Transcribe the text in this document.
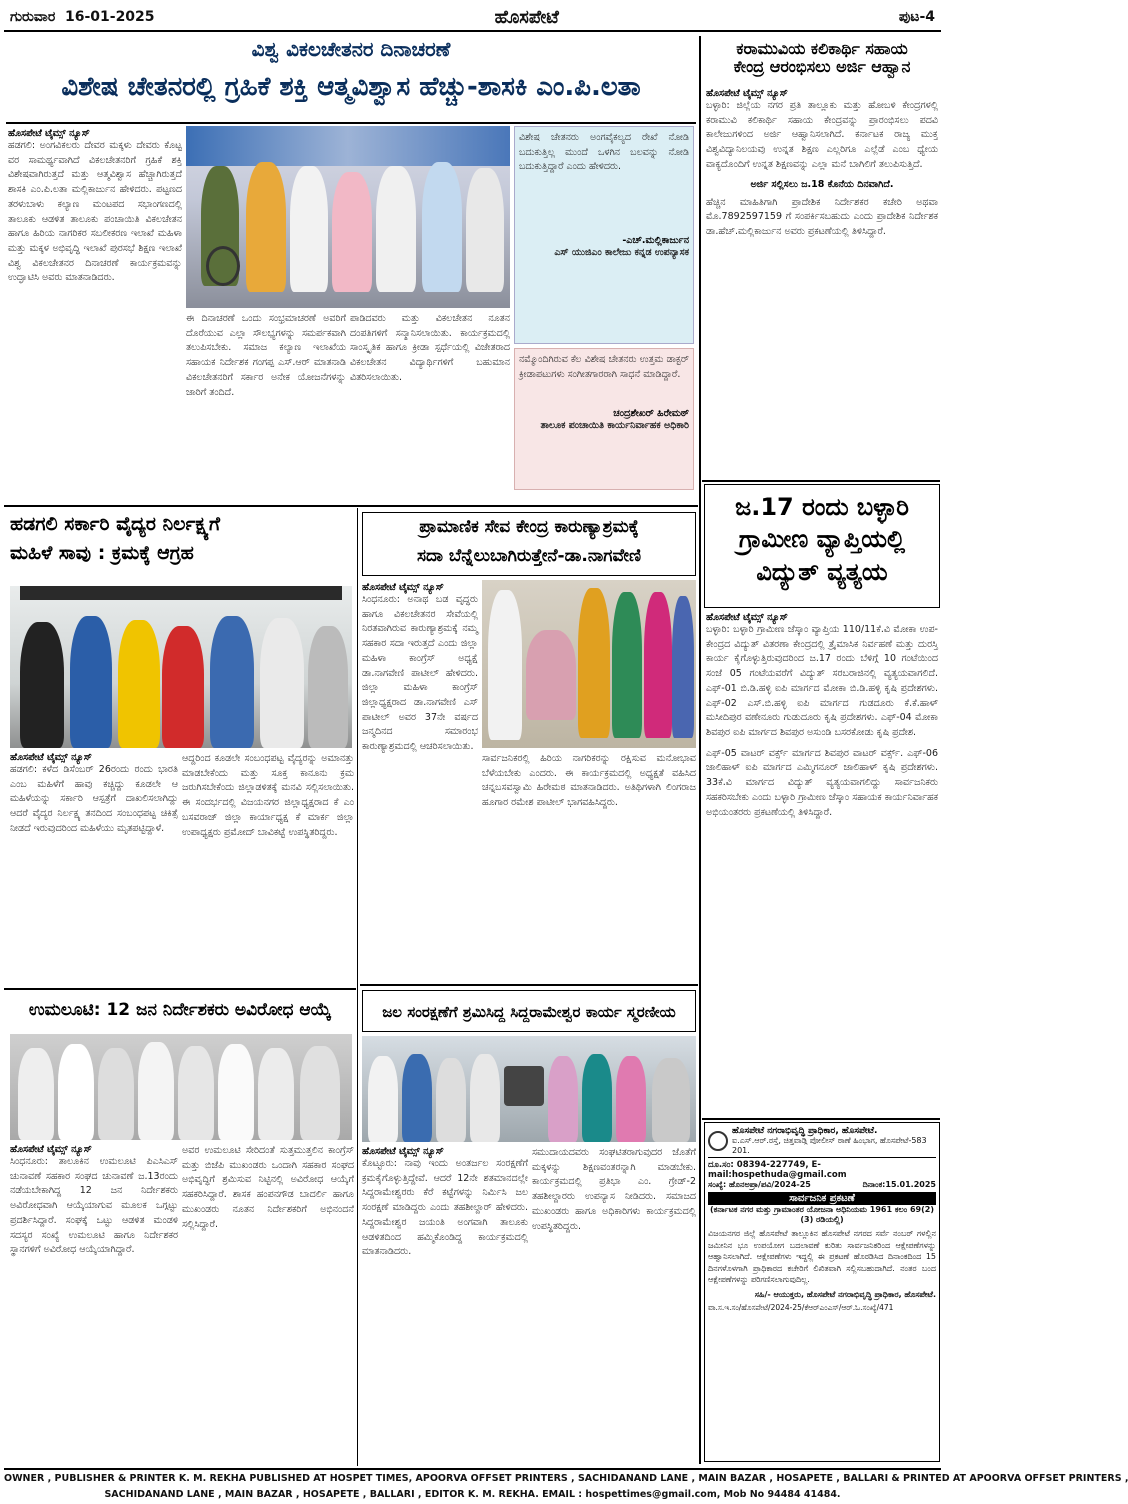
ಗುರುವಾರ 16-01-2025	ಹೊಸಪೇಟೆ	ಪುಟ-4
ವಿಶ್ವ ವಿಕಲಚೇತನರ ದಿನಾಚರಣೆ
ವಿಶೇಷ ಚೇತನರಲ್ಲಿ ಗ್ರಹಿಕೆ ಶಕ್ತಿ ಆತ್ಮವಿಶ್ವಾಸ ಹೆಚ್ಚು-ಶಾಸಕಿ ಎಂ.ಪಿ.ಲತಾ
ಹೊಸಪೇಟೆ ಟೈಮ್ಸ್ ನ್ಯೂಸ್
ಹಡಗಲಿ: ಅಂಗವಿಕಲರು ದೇವರ ಮಕ್ಕಳು ದೇವರು ಕೊಟ್ಟ ವರ ಸಾಮರ್ಥ್ಯವಾಗಿದೆ ವಿಕಲಚೇತನರಿಗೆ ಗ್ರಹಿಕೆ ಶಕ್ತಿ ವಿಶೇಷವಾಗಿರುತ್ತದೆ ಮತ್ತು ಆತ್ಮವಿಶ್ವಾಸ ಹೆಚ್ಚಾಗಿರುತ್ತದೆ ಶಾಸಕಿ ಎಂ.ಪಿ.ಲತಾ ಮಲ್ಲಿಕಾರ್ಜುನ ಹೇಳಿದರು. ಪಟ್ಟಣದ ತರಳುಬಾಳು ಕಲ್ಯಾಣ ಮಂಟಪದ ಸಭಾಂಗಣದಲ್ಲಿ ತಾಲೂಕು ಆಡಳಿತ ತಾಲೂಕು ಪಂಚಾಯಿತಿ ವಿಕಲಚೇತನ ಹಾಗೂ ಹಿರಿಯ ನಾಗರಿಕರ ಸಬಲೀಕರಣ ಇಲಾಖೆ ಮಹಿಳಾ ಮತ್ತು ಮಕ್ಕಳ ಅಭಿವೃದ್ಧಿ ಇಲಾಖೆ ಪುರಸಭೆ ಶಿಕ್ಷಣ ಇಲಾಖೆ ವಿಶ್ವ ವಿಕಲಚೇತನರ ದಿನಾಚರಣೆ ಕಾರ್ಯಕ್ರಮವನ್ನು ಉದ್ಘಾಟಿಸಿ ಅವರು ಮಾತನಾಡಿದರು.
ಈ ದಿನಾಚರಣೆ ಒಂದು ಸಂಭ್ರಮಾಚರಣೆ ಅವರಿಗೆ ದೊರೆಯುವ ಎಲ್ಲಾ ಸೌಲಭ್ಯಗಳನ್ನು ಸಮರ್ಪಕವಾಗಿ ತಲುಪಿಸಬೇಕು. ಸಮಾಜ ಕಲ್ಯಾಣ ಇಲಾಖೆಯ ಸಹಾಯಕ ನಿರ್ದೇಶಕ ಗಂಗಪ್ಪ ಎಸ್.ಆರ್ ಮಾತನಾಡಿ ವಿಕಲಚೇತನರಿಗೆ ಸರ್ಕಾರ ಅನೇಕ ಯೋಜನೆಗಳನ್ನು ಜಾರಿಗೆ ತಂದಿದೆ.
ಪಾಡಿದವರು ಮತ್ತು ವಿಕಲಚೇತನ ನೂತನ ದಂಪತಿಗಳಿಗೆ ಸನ್ಮಾನಿಸಲಾಯಿತು. ಕಾರ್ಯಕ್ರಮದಲ್ಲಿ ಸಾಂಸ್ಕೃತಿಕ ಹಾಗೂ ಕ್ರೀಡಾ ಸ್ಪರ್ಧೆಯಲ್ಲಿ ವಿಜೇತರಾದ ವಿಕಲಚೇತನ ವಿದ್ಯಾರ್ಥಿಗಳಿಗೆ ಬಹುಮಾನ ವಿತರಿಸಲಾಯಿತು.
ವಿಶೇಷ ಚೇತನರು ಅಂಗವೈಕಲ್ಯದ ರೇಖೆ ನೋಡಿ ಬದುಕುತ್ತಿಲ್ಲ ಮುಂದೆ ಒಳಗಿನ ಬಲವನ್ನು ನೋಡಿ ಬದುಕುತ್ತಿದ್ದಾರೆ ಎಂದು ಹೇಳಿದರು.
-ಎಚ್.ಮಲ್ಲಿಕಾರ್ಜುನ
ಎಸ್ ಯುಜಿಎಂ ಕಾಲೇಜು ಕನ್ನಡ ಉಪನ್ಯಾಸಕ
ನಮ್ಮೊಂದಿಗಿರುವ ಕೆಲ ವಿಶೇಷ ಚೇತನರು ಉತ್ತಮ ಡಾಕ್ಟರ್ ಕ್ರೀಡಾಪಟುಗಳು ಸಂಗೀತಗಾರರಾಗಿ ಸಾಧನೆ ಮಾಡಿದ್ದಾರೆ.
ಚಂದ್ರಶೇಖರ್ ಹಿರೇಮಠ್
ತಾಲೂಕ ಪಂಚಾಯಿತಿ ಕಾರ್ಯನಿರ್ವಾಹಕ ಅಧಿಕಾರಿ
ಕರಾಮುವಿಯ ಕಲಿಕಾರ್ಥಿ ಸಹಾಯ
ಕೇಂದ್ರ ಆರಂಭಿಸಲು ಅರ್ಜಿ ಆಹ್ವಾನ
ಹೊಸಪೇಟೆ ಟೈಮ್ಸ್ ನ್ಯೂಸ್
ಬಳ್ಳಾರಿ: ಜಿಲ್ಲೆಯ ನಗರ ಪ್ರತಿ ತಾಲ್ಲೂಕು ಮತ್ತು ಹೋಬಳಿ ಕೇಂದ್ರಗಳಲ್ಲಿ ಕರಾಮುವಿ ಕಲಿಕಾರ್ಥಿ ಸಹಾಯ ಕೇಂದ್ರವನ್ನು ಪ್ರಾರಂಭಿಸಲು ಪದವಿ ಕಾಲೇಜುಗಳಿಂದ ಅರ್ಜಿ ಆಹ್ವಾನಿಸಲಾಗಿದೆ. ಕರ್ನಾಟಕ ರಾಜ್ಯ ಮುಕ್ತ ವಿಶ್ವವಿದ್ಯಾನಿಲಯವು ಉನ್ನತ ಶಿಕ್ಷಣ ಎಲ್ಲರಿಗೂ ಎಲ್ಲೆಡೆ ಎಂಬ ಧ್ಯೇಯ ವಾಕ್ಯದೊಂದಿಗೆ ಉನ್ನತ ಶಿಕ್ಷಣವನ್ನು ಎಲ್ಲಾ ಮನೆ ಬಾಗಿಲಿಗೆ ತಲುಪಿಸುತ್ತಿದೆ.
ಅರ್ಜಿ ಸಲ್ಲಿಸಲು ಜ.18 ಕೊನೆಯ ದಿನವಾಗಿದೆ.
ಹೆಚ್ಚಿನ ಮಾಹಿತಿಗಾಗಿ ಪ್ರಾದೇಶಿಕ ನಿರ್ದೇಶಕರ ಕಚೇರಿ ಅಥವಾ ಮೊ.7892597159 ಗೆ ಸಂಪರ್ಕಿಸಬಹುದು ಎಂದು ಪ್ರಾದೇಶಿಕ ನಿರ್ದೇಶಕ ಡಾ.ಹೆಚ್.ಮಲ್ಲಿಕಾರ್ಜುನ ಅವರು ಪ್ರಕಟಣೆಯಲ್ಲಿ ತಿಳಿಸಿದ್ದಾರೆ.
ಜ.17 ರಂದು ಬಳ್ಳಾರಿ
ಗ್ರಾಮೀಣ ವ್ಯಾಪ್ತಿಯಲ್ಲಿ
ವಿದ್ಯುತ್ ವ್ಯತ್ಯಯ
ಹೊಸಪೇಟೆ ಟೈಮ್ಸ್ ನ್ಯೂಸ್
ಬಳ್ಳಾರಿ: ಬಳ್ಳಾರಿ ಗ್ರಾಮೀಣ ಜೆಸ್ಕಾಂ ವ್ಯಾಪ್ತಿಯ 110/11ಕೆ.ವಿ ಮೋಕಾ ಉಪ-ಕೇಂದ್ರದ ವಿದ್ಯುತ್ ವಿತರಣಾ ಕೇಂದ್ರದಲ್ಲಿ ತ್ರೈಮಾಸಿಕ ನಿರ್ವಹಣೆ ಮತ್ತು ದುರಸ್ತಿ ಕಾರ್ಯ ಕೈಗೊಳ್ಳುತ್ತಿರುವುದರಿಂದ ಜ.17 ರಂದು ಬೆಳಿಗ್ಗೆ 10 ಗಂಟೆಯಿಂದ ಸಂಜೆ 05 ಗಂಟೆಯವರೆಗೆ ವಿದ್ಯುತ್ ಸರಬರಾಜಿನಲ್ಲಿ ವ್ಯತ್ಯಯವಾಗಲಿದೆ. ಎಫ್-01 ಬಿ.ಡಿ.ಹಳ್ಳಿ ಐಪಿ ಮಾರ್ಗದ ಮೋಕಾ ಬಿ.ಡಿ.ಹಳ್ಳಿ ಕೃಷಿ ಪ್ರದೇಶಗಳು. ಎಫ್-02 ಎಸ್.ಬಿ.ಹಳ್ಳಿ ಐಪಿ ಮಾರ್ಗದ ಗುಡದೂರು ಕೆ.ಕೆ.ಹಾಳ್ ಮಸೀದಿಪುರ ವಣೇನೂರು ಗುಡುದೂರು ಕೃಷಿ ಪ್ರದೇಶಗಳು. ಎಫ್-04 ಮೋಕಾ ಶಿವಪುರ ಐಪಿ ಮಾರ್ಗದ ಶಿವಪುರ ಅಸುಂಡಿ ಬಸರಕೋಡು ಕೃಷಿ ಪ್ರದೇಶ.
ಎಫ್-05 ವಾಟರ್ ವರ್ಕ್ಸ್ ಮಾರ್ಗದ ಶಿವಪುರ ವಾಟರ್ ವರ್ಕ್ಸ್. ಎಫ್-06 ಜಾಲಿಹಾಳ್ ಐಪಿ ಮಾರ್ಗದ ಎಮ್ಮಿಗನೂರ್ ಜಾಲಿಹಾಳ್ ಕೃಷಿ ಪ್ರದೇಶಗಳು. 33ಕೆ.ವಿ ಮಾರ್ಗದ ವಿದ್ಯುತ್ ವ್ಯತ್ಯಯವಾಗಲಿದ್ದು ಸಾರ್ವಜನಿಕರು ಸಹಕರಿಸಬೇಕು ಎಂದು ಬಳ್ಳಾರಿ ಗ್ರಾಮೀಣ ಜೆಸ್ಕಾಂ ಸಹಾಯಕ ಕಾರ್ಯನಿರ್ವಾಹಕ ಅಭಿಯಂತರರು ಪ್ರಕಟಣೆಯಲ್ಲಿ ತಿಳಿಸಿದ್ದಾರೆ.
ಹೊಸಪೇಟೆ ನಗರಾಭಿವೃದ್ಧಿ ಪ್ರಾಧಿಕಾರ, ಹೊಸಪೇಟೆ.
ಐ.ಎಸ್.ಆರ್.ರಸ್ತೆ, ಚಿತ್ತವಾಡ್ಗಿ ಪೋಲೀಸ್‌ ಠಾಣೆ ಹಿಂಭಾಗ, ಹೊಸಪೇಟೆ-583 201.
ದೂ.ಸಂ: 08394-227749, E-mail:hospethuda@gmail.com
ಸಂಖ್ಯೆ: ಹೊನಅಪ್ರಾ/ಪವಿ/2024-25	ದಿನಾಂಕ:15.01.2025
ಸಾರ್ವಜನಿಕ ಪ್ರಕಟಣೆ
(ಕರ್ನಾಟಕ ನಗರ ಮತ್ತು ಗ್ರಾಮಾಂತರ ಯೋಜನಾ ಅಧಿನಿಯಮ 1961 ಕಲಂ 69(2)(3) ರಡಿಯಲ್ಲಿ)
ವಿಜಯನಗರ ಜಿಲ್ಲೆ ಹೊಸಪೇಟೆ ತಾಲ್ಲೂಕಿನ ಹೊಸಪೇಟೆ ನಗರದ ಸರ್ವೆ ನಂಬರ್ ಗಳಲ್ಲಿನ ಜಮೀನಿನ ಭೂ ಉಪಯೋಗ ಬದಲಾವಣೆ ಕುರಿತು ಸಾರ್ವಜನಿಕರಿಂದ ಆಕ್ಷೇಪಣೆಗಳನ್ನು ಆಹ್ವಾನಿಸಲಾಗಿದೆ. ಆಕ್ಷೇಪಣೆಗಳು ಇದ್ದಲ್ಲಿ ಈ ಪ್ರಕಟಣೆ ಹೊರಡಿಸಿದ ದಿನಾಂಕದಿಂದ 15 ದಿನಗಳೊಳಗಾಗಿ ಪ್ರಾಧಿಕಾರದ ಕಚೇರಿಗೆ ಲಿಖಿತವಾಗಿ ಸಲ್ಲಿಸಬಹುದಾಗಿದೆ. ನಂತರ ಬಂದ ಆಕ್ಷೇಪಣೆಗಳನ್ನು ಪರಿಗಣಿಸಲಾಗುವುದಿಲ್ಲ.
ಸಹಿ/- ಆಯುಕ್ತರು, ಹೊಸಪೇಟೆ ನಗರಾಭಿವೃದ್ಧಿ ಪ್ರಾಧಿಕಾರ, ಹೊಸಪೇಟೆ.
ವಾ.ಸ.ಇ.ಸಂ/ಹೊಸಪೇಟೆ/2024-25/ಕೆಆರ್‌ಎಂಎಸ್/ಆರ್.ಓ.ಸಂಖ್ಯೆ/471
ಹಡಗಲಿ ಸರ್ಕಾರಿ ವೈದ್ಯರ ನಿರ್ಲಕ್ಷ್ಯಗೆ
ಮಹಿಳೆ ಸಾವು : ಕ್ರಮಕ್ಕೆ ಆಗ್ರಹ
ಹೊಸಪೇಟೆ ಟೈಮ್ಸ್ ನ್ಯೂಸ್
ಹಡಗಲಿ: ಕಳೆದ ಡಿಸೆಂಬರ್ 26ರಂದು ರಂದು ಭಾರತಿ ಎಂಬ ಮಹಿಳೆಗೆ ಹಾವು ಕಚ್ಚಿದ್ದು ಕೂಡಲೇ ಆ ಮಹಿಳೆಯನ್ನು ಸರ್ಕಾರಿ ಆಸ್ಪತ್ರೆಗೆ ದಾಖಲಿಸಲಾಗಿದ್ದು ಆದರೆ ವೈದ್ಯರ ನಿರ್ಲಕ್ಷ್ಯ ತನದಿಂದ ಸಂಬಂಧಪಟ್ಟ ಚಿಕಿತ್ಸೆ ನೀಡದೆ ಇರುವುದರಿಂದ ಮಹಿಳೆಯು ಮೃತಪಟ್ಟಿದ್ದಾಳೆ.
ಆದ್ದರಿಂದ ಕೂಡಲೇ ಸಂಬಂಧಪಟ್ಟ ವೈದ್ಯರನ್ನು ಅಮಾನತ್ತು ಮಾಡಬೇಕೆಂದು ಮತ್ತು ಸೂಕ್ತ ಕಾನೂನು ಕ್ರಮ ಜರುಗಿಸಬೇಕೆಂದು ಜಿಲ್ಲಾಡಳಿತಕ್ಕೆ ಮನವಿ ಸಲ್ಲಿಸಲಾಯಿತು. ಈ ಸಂದರ್ಭದಲ್ಲಿ ವಿಜಯನಗರ ಜಿಲ್ಲಾಧ್ಯಕ್ಷರಾದ ಕೆ ಎಂ ಬಸವರಾಜ್ ಜಿಲ್ಲಾ ಕಾರ್ಯಾಧ್ಯಕ್ಷ ಕೆ ಮಾರ್ಕ ಜಿಲ್ಲಾ ಉಪಾಧ್ಯಕ್ಷರು ಪ್ರಮೋದ್ ಬಾವಿಕಟ್ಟೆ ಉಪಸ್ಥಿತರಿದ್ದರು.
ಪ್ರಾಮಾಣಿಕ ಸೇವ ಕೇಂದ್ರ ಕಾರುಣ್ಯಾಶ್ರಮಕ್ಕೆ
ಸದಾ ಬೆನ್ನೆಲುಬಾಗಿರುತ್ತೇನೆ-ಡಾ.ನಾಗವೇಣಿ
ಹೊಸಪೇಟೆ ಟೈಮ್ಸ್ ನ್ಯೂಸ್
ಸಿಂಧನೂರು: ಅನಾಥ ಬಡ ವೃದ್ಧರು ಹಾಗೂ ವಿಕಲಚೇತನರ ಸೇವೆಯಲ್ಲಿ ನಿರತವಾಗಿರುವ ಕಾರುಣ್ಯಾಶ್ರಮಕ್ಕೆ ನಮ್ಮ ಸಹಕಾರ ಸದಾ ಇರುತ್ತದೆ ಎಂದು ಜಿಲ್ಲಾ ಮಹಿಳಾ ಕಾಂಗ್ರೆಸ್ ಅಧ್ಯಕ್ಷೆ ಡಾ.ನಾಗವೇಣಿ ಪಾಟೀಲ್ ಹೇಳಿದರು. ಜಿಲ್ಲಾ ಮಹಿಳಾ ಕಾಂಗ್ರೆಸ್ ಜಿಲ್ಲಾಧ್ಯಕ್ಷರಾದ ಡಾ.ನಾಗವೇಣಿ ಎಸ್ ಪಾಟೀಲ್ ಅವರ 37ನೇ ವರ್ಷದ ಜನ್ಮದಿನದ ಸಮಾರಂಭ ಕಾರುಣ್ಯಾಶ್ರಮದಲ್ಲಿ ಆಚರಿಸಲಾಯಿತು.
ಸಾರ್ವಜನಿಕರಲ್ಲಿ ಹಿರಿಯ ನಾಗರಿಕರನ್ನು ರಕ್ಷಿಸುವ ಮನೋಭಾವ ಬೆಳೆಯಬೇಕು ಎಂದರು. ಈ ಕಾರ್ಯಕ್ರಮದಲ್ಲಿ ಅಧ್ಯಕ್ಷತೆ ವಹಿಸಿದ ಚನ್ನಬಸವಸ್ವಾಮಿ ಹಿರೇಮಠ ಮಾತನಾಡಿದರು. ಅತಿಥಿಗಳಾಗಿ ಲಿಂಗರಾಜ ಹೂಗಾರ ರಮೇಶ ಪಾಟೀಲ್ ಭಾಗವಹಿಸಿದ್ದರು.
ಉಮಲೂಟಿ: 12 ಜನ ನಿರ್ದೇಶಕರು ಅವಿರೋಧ ಆಯ್ಕೆ
ಹೊಸಪೇಟೆ ಟೈಮ್ಸ್ ನ್ಯೂಸ್
ಸಿಂಧನೂರು: ತಾಲೂಕಿನ ಉಮಲೂಟಿ ಪಿಎಸಿಎಸ್ ಚುನಾವಣೆ ಸಹಕಾರ ಸಂಘದ ಚುನಾವಣೆ ಜ.13ರಂದು ನಡೆಯಬೇಕಾಗಿದ್ದ 12 ಜನ ನಿರ್ದೇಶಕರು ಅವಿರೋಧವಾಗಿ ಆಯ್ಕೆಯಾಗುವ ಮೂಲಕ ಒಗ್ಗಟ್ಟು ಪ್ರದರ್ಶಿಸಿದ್ದಾರೆ. ಸಂಘಕ್ಕೆ ಒಟ್ಟು ಆಡಳಿತ ಮಂಡಳಿ ಸದಸ್ಯರ ಸಂಖ್ಯೆ ಉಮಲೂಟಿ ಹಾಗೂ ನಿರ್ದೇಶಕರ ಸ್ಥಾನಗಳಿಗೆ ಅವಿರೋಧ ಆಯ್ಕೆಯಾಗಿದ್ದಾರೆ.
ಅವರ ಉಮಲೂಟಿ ಸೇರಿದಂತೆ ಸುತ್ತಮುತ್ತಲಿನ ಕಾಂಗ್ರೆಸ್ ಮತ್ತು ಬಿಜೆಪಿ ಮುಖಂಡರು ಒಂದಾಗಿ ಸಹಕಾರ ಸಂಘದ ಅಭಿವೃದ್ಧಿಗೆ ಶ್ರಮಿಸುವ ನಿಟ್ಟಿನಲ್ಲಿ ಅವಿರೋಧ ಆಯ್ಕೆಗೆ ಸಹಕರಿಸಿದ್ದಾರೆ. ಶಾಸಕ ಹಂಪನಗೌಡ ಬಾದರ್ಲಿ ಹಾಗೂ ಮುಖಂಡರು ನೂತನ ನಿರ್ದೇಶಕರಿಗೆ ಅಭಿನಂದನೆ ಸಲ್ಲಿಸಿದ್ದಾರೆ.
ಜಲ ಸಂರಕ್ಷಣೆಗೆ ಶ್ರಮಿಸಿದ್ದ ಸಿದ್ದರಾಮೇಶ್ವರ ಕಾರ್ಯ ಸ್ಮರಣೀಯ
ಹೊಸಪೇಟೆ ಟೈಮ್ಸ್ ನ್ಯೂಸ್
ಕೊಟ್ಟೂರು: ನಾವು ಇಂದು ಅಂತರ್ಜಲ ಸಂರಕ್ಷಣೆಗೆ ಕ್ರಮಕೈಗೊಳ್ಳುತ್ತಿದ್ದೇವೆ. ಆದರೆ 12ನೇ ಶತಮಾನದಲ್ಲೇ ಸಿದ್ದರಾಮೇಶ್ವರರು ಕೆರೆ ಕಟ್ಟೆಗಳನ್ನು ನಿರ್ಮಿಸಿ ಜಲ ಸಂರಕ್ಷಣೆ ಮಾಡಿದ್ದರು ಎಂದು ತಹಶೀಲ್ದಾರ್ ಹೇಳಿದರು. ಸಿದ್ದರಾಮೇಶ್ವರ ಜಯಂತಿ ಅಂಗವಾಗಿ ತಾಲೂಕು ಆಡಳಿತದಿಂದ ಹಮ್ಮಿಕೊಂಡಿದ್ದ ಕಾರ್ಯಕ್ರಮದಲ್ಲಿ ಮಾತನಾಡಿದರು.
ಸಮುದಾಯದವರು ಸಂಘಟಿತರಾಗುವುದರ ಜೊತೆಗೆ ಮಕ್ಕಳನ್ನು ಶಿಕ್ಷಣವಂತರನ್ನಾಗಿ ಮಾಡಬೇಕು. ಕಾರ್ಯಕ್ರಮದಲ್ಲಿ ಪ್ರತಿಭಾ ಎಂ. ಗ್ರೇಡ್-2 ತಹಶೀಲ್ದಾರರು ಉಪನ್ಯಾಸ ನೀಡಿದರು. ಸಮಾಜದ ಮುಖಂಡರು ಹಾಗೂ ಅಧಿಕಾರಿಗಳು ಕಾರ್ಯಕ್ರಮದಲ್ಲಿ ಉಪಸ್ಥಿತರಿದ್ದರು.
OWNER , PUBLISHER & PRINTER K. M. REKHA PUBLISHED AT HOSPET TIMES, APOORVA OFFSET PRINTERS , SACHIDANAND LANE , MAIN BAZAR , HOSAPETE , BALLARI & PRINTED AT APOORVA OFFSET PRINTERS ,
SACHIDANAND LANE , MAIN BAZAR , HOSAPETE , BALLARI , EDITOR K. M. REKHA. EMAIL : hospettimes@gmail.com, Mob No 94484 41484.
